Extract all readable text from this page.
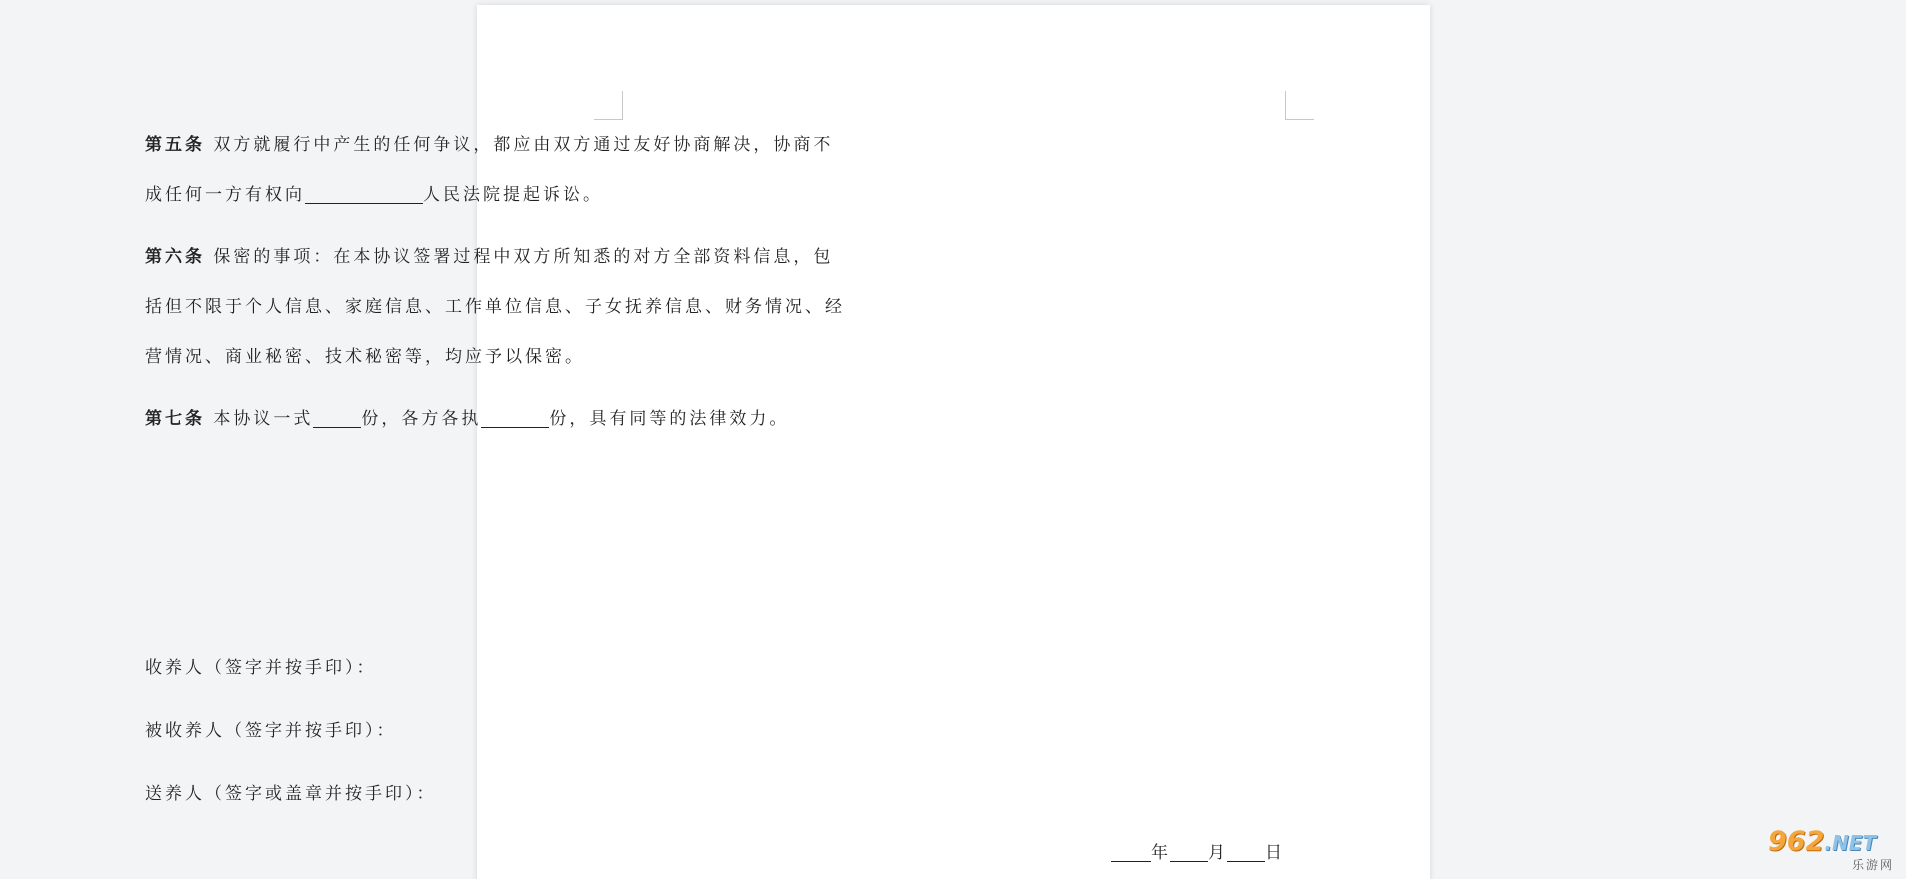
第五条 双方就履行中产生的任何争议，都应由双方通过友好协商解决，协商不
成任何一方有权向	人民法院提起诉讼。
第六条 保密的事项：在本协议签署过程中双方所知悉的对方全部资料信息，包
括但不限于个人信息、家庭信息、工作单位信息、子女抚养信息、财务情况、经
营情况、商业秘密、技术秘密等，均应予以保密。
第七条 本协议一式	份，各方各执	份，具有同等的法律效力。
收养人（签字并按手印）：
被收养人（签字并按手印）：
送养人（签字或盖章并按手印）：
年 月 日	962.NET
乐游网
